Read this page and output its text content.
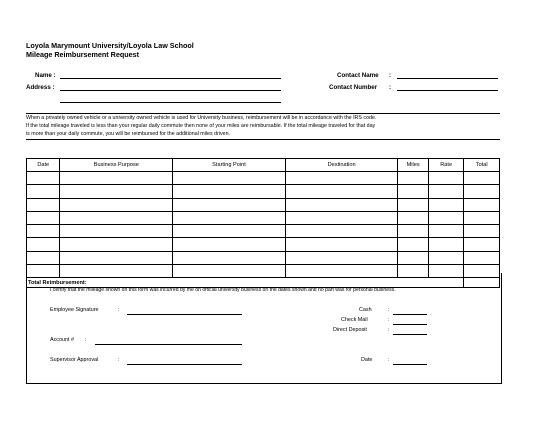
Loyola Marymount University/Loyola Law School
Mileage Reimbursement Request
Name :
Address :
Contact Name :
Contact Number :
When a privately owned vehicle or a university owned vehicle is used for University business, reimbursement will be in accordance with the IRS code.
If the total mileage traveled is less than your regular daily commute then none of your miles are reimbursable. If the total mileage traveled for that day
is more than your daily commute, you will be reimbursed for the additional miles driven.
Date	Business Purpose	Starting Point	Destination	Miles	Rate	Total

Total Reimbursement:						
I certify that the mileage shown on this form was incurred by me on official university business on the dates shown and no part was for personal business.
Employee Signature	:
Account # :
Supervisor Approval	:
Cash	:
Check Mail	:
Direct Deposit	:
Date	:
